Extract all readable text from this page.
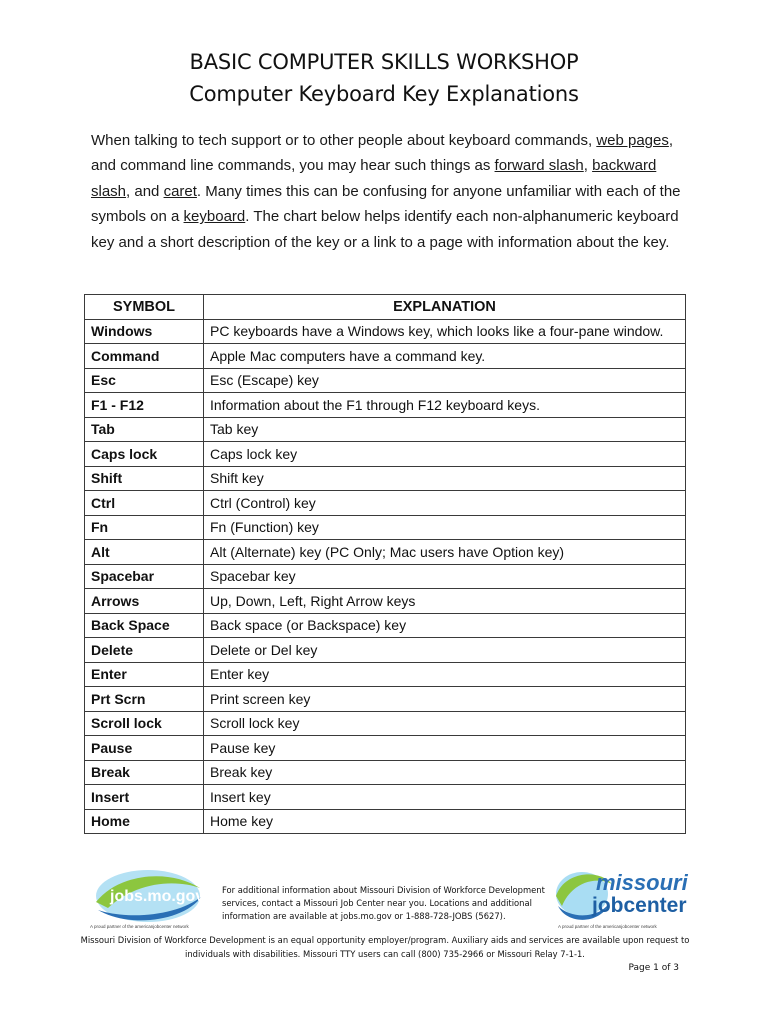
BASIC COMPUTER SKILLS WORKSHOP
Computer Keyboard Key Explanations
When talking to tech support or to other people about keyboard commands, web pages, and command line commands, you may hear such things as forward slash, backward slash, and caret. Many times this can be confusing for anyone unfamiliar with each of the symbols on a keyboard. The chart below helps identify each non-alphanumeric keyboard key and a short description of the key or a link to a page with information about the key.
SYMBOL	EXPLANATION
Windows	PC keyboards have a Windows key, which looks like a four-pane window.
Command	Apple Mac computers have a command key.
Esc	Esc (Escape) key
F1 - F12	Information about the F1 through F12 keyboard keys.
Tab	Tab key
Caps lock	Caps lock key
Shift	Shift key
Ctrl	Ctrl (Control) key
Fn	Fn (Function) key
Alt	Alt (Alternate) key (PC Only; Mac users have Option key)
Spacebar	Spacebar key
Arrows	Up, Down, Left, Right Arrow keys
Back Space	Back space (or Backspace) key
Delete	Delete or Del key
Enter	Enter key
Prt Scrn	Print screen key
Scroll lock	Scroll lock key
Pause	Pause key
Break	Break key
Insert	Insert key
Home	Home key
jobs.mo.gov
A proud partner of the americanjobcenter network
For additional information about Missouri Division of Workforce Development services, contact a Missouri Job Center near you. Locations and additional information are available at jobs.mo.gov or 1-888-728-JOBS (5627).
missouri
jobcenter
A proud partner of the americanjobcenter network
Missouri Division of Workforce Development is an equal opportunity employer/program. Auxiliary aids and services are available upon request to individuals with disabilities. Missouri TTY users can call (800) 735-2966 or Missouri Relay 7-1-1.
Page 1 of 3
